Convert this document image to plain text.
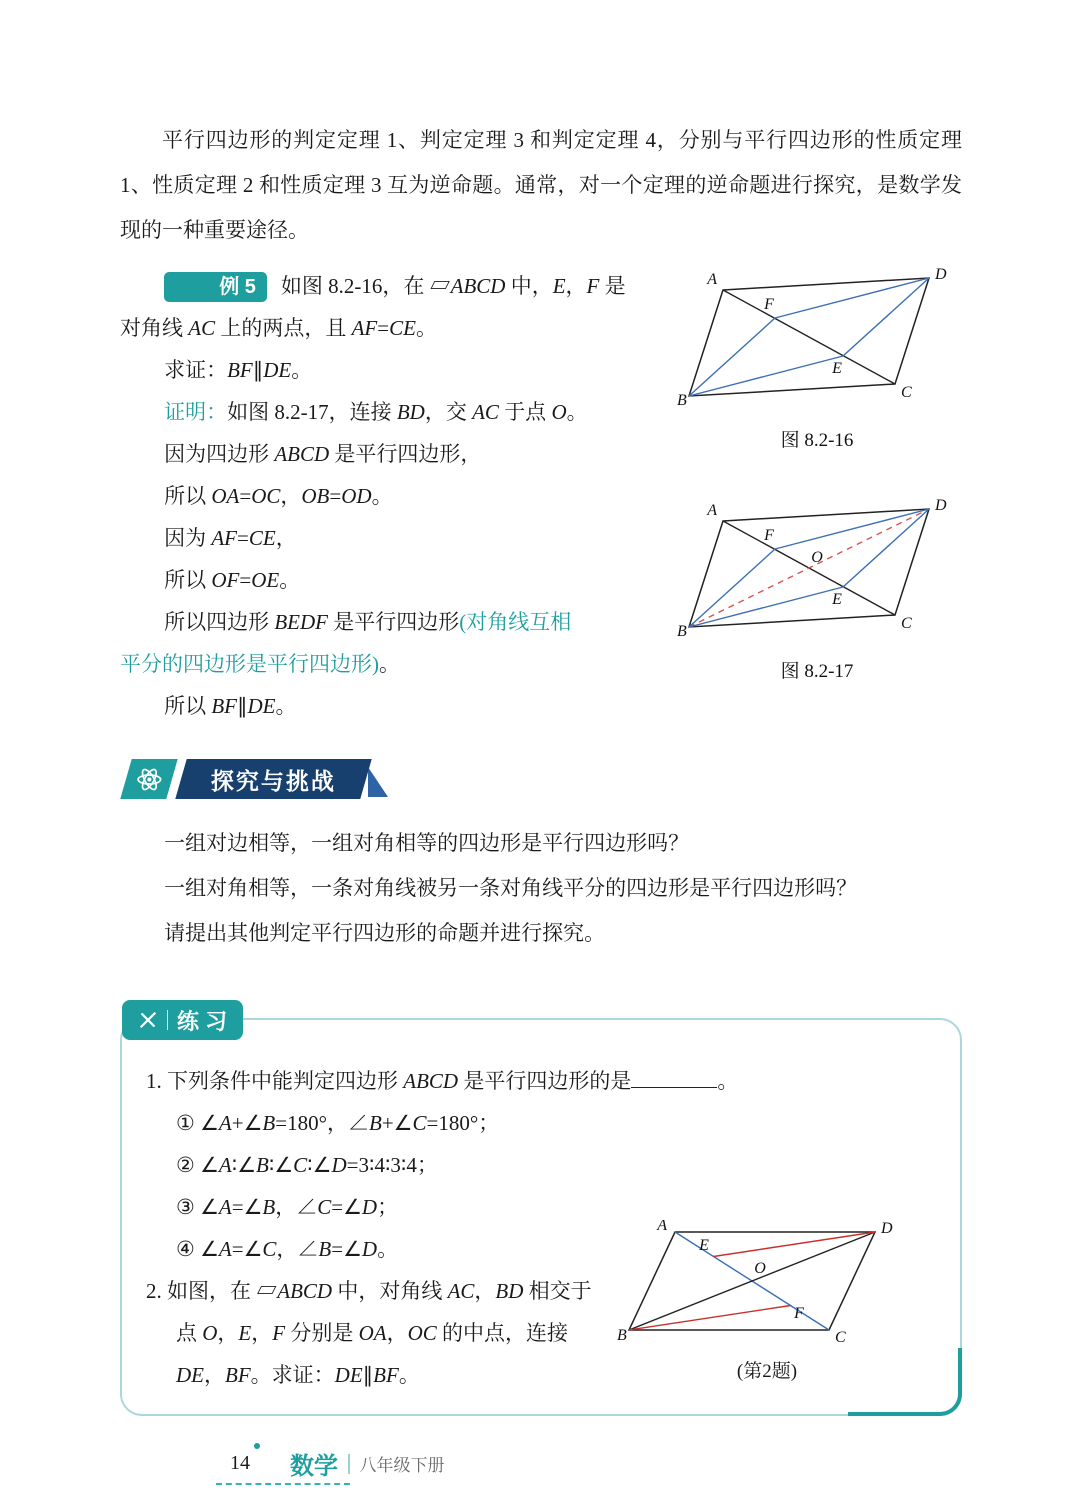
平行四边形的判定定理 1、判定定理 3 和判定定理 4，分别与平行四边形的性质定理 1、性质定理 2 和性质定理 3 互为逆命题。通常，对一个定理的逆命题进行探究，是数学发现的一种重要途径。

例 5 如图 8.2-16，在 ▱ABCD 中，E，F 是
对角线 AC 上的两点，且 AF=CE。
求证：BF∥DE。
证明：如图 8.2-17，连接 BD，交 AC 于点 O。
因为四边形 ABCD 是平行四边形，
所以 OA=OC，OB=OD。
因为 AF=CE，
所以 OF=OE。
所以四边形 BEDF 是平行四边形(对角线互相
平分的四边形是平行四边形)。
所以 BF∥DE。
A	D
B	C
F
E
图 8.2-16
A	D
B	C
F
E
O
图 8.2-17
探究与挑战
一组对边相等，一组对角相等的四边形是平行四边形吗？
一组对角相等，一条对角线被另一条对角线平分的四边形是平行四边形吗？
请提出其他判定平行四边形的命题并进行探究。
练 习
1. 下列条件中能判定四边形 ABCD 是平行四边形的是	。
① ∠A+∠B=180°，∠B+∠C=180°；
② ∠A∶∠B∶∠C∶∠D=3∶4∶3∶4；
③ ∠A=∠B，∠C=∠D；
④ ∠A=∠C，∠B=∠D。
2. 如图，在 ▱ABCD 中，对角线 AC，BD 相交于
点 O，E，F 分别是 OA，OC 的中点，连接
DE，BF。求证：DE∥BF。
A	D
B	C
E
O
F
(第2题)
14	数学 八年级下册
